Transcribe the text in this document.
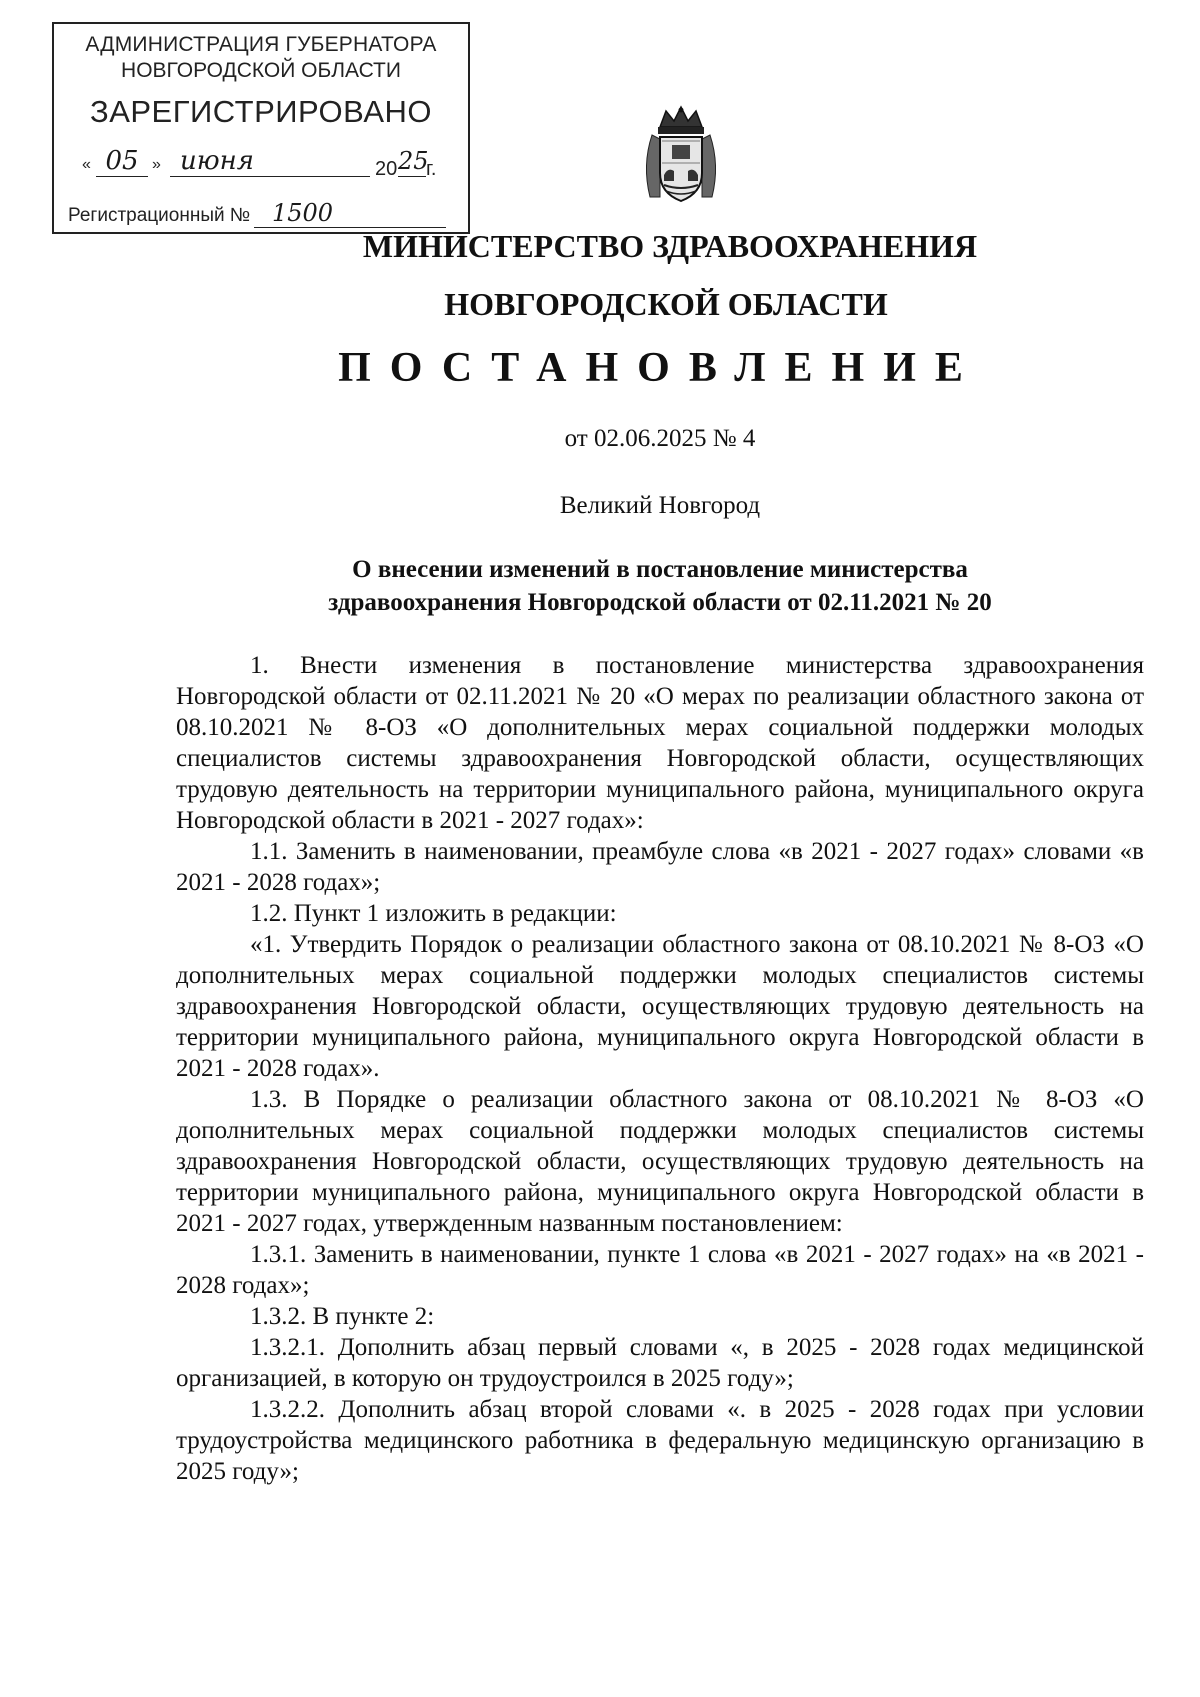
АДМИНИСТРАЦИЯ ГУБЕРНАТОРА
НОВГОРОДСКОЙ ОБЛАСТИ
ЗАРЕГИСТРИРОВАНО
« 05 » июня	20 25
г.
Регистрационный № 1500
МИНИСТЕРСТВО ЗДРАВООХРАНЕНИЯ
НОВГОРОДСКОЙ ОБЛАСТИ
ПОСТАНОВЛЕНИЕ
от 02.06.2025 № 4
Великий Новгород
О внесении изменений в постановление министерства
здравоохранения Новгородской области от 02.11.2021 № 20

1. Внести изменения в постановление министерства здравоохранения Новгородской области от 02.11.2021 № 20 «О мерах по реализации областного закона от 08.10.2021 № 8-ОЗ «О дополнительных мерах социальной поддержки молодых специалистов системы здравоохранения Новгородской области, осуществляющих трудовую деятельность на территории муниципального района, муниципального округа Новгородской области в 2021 - 2027 годах»:

1.1. Заменить в наименовании, преамбуле слова «в 2021 - 2027 годах» словами «в 2021 - 2028 годах»;

1.2. Пункт 1 изложить в редакции:

«1. Утвердить Порядок о реализации областного закона от 08.10.2021 № 8-ОЗ «О дополнительных мерах социальной поддержки молодых специалистов системы здравоохранения Новгородской области, осуществляющих трудовую деятельность на территории муниципального района, муниципального округа Новгородской области в 2021 - 2028 годах».

1.3. В Порядке о реализации областного закона от 08.10.2021 № 8-ОЗ «О дополнительных мерах социальной поддержки молодых специалистов системы здравоохранения Новгородской области, осуществляющих трудовую деятельность на территории муниципального района, муниципального округа Новгородской области в 2021 - 2027 годах, утвержденным названным постановлением:

1.3.1. Заменить в наименовании, пункте 1 слова «в 2021 - 2027 годах» на «в 2021 - 2028 годах»;

1.3.2. В пункте 2:

1.3.2.1. Дополнить абзац первый словами «, в 2025 - 2028 годах медицинской организацией, в которую он трудоустроился в 2025 году»;

1.3.2.2. Дополнить абзац второй словами «. в 2025 - 2028 годах при условии трудоустройства медицинского работника в федеральную медицинскую организацию в 2025 году»;
